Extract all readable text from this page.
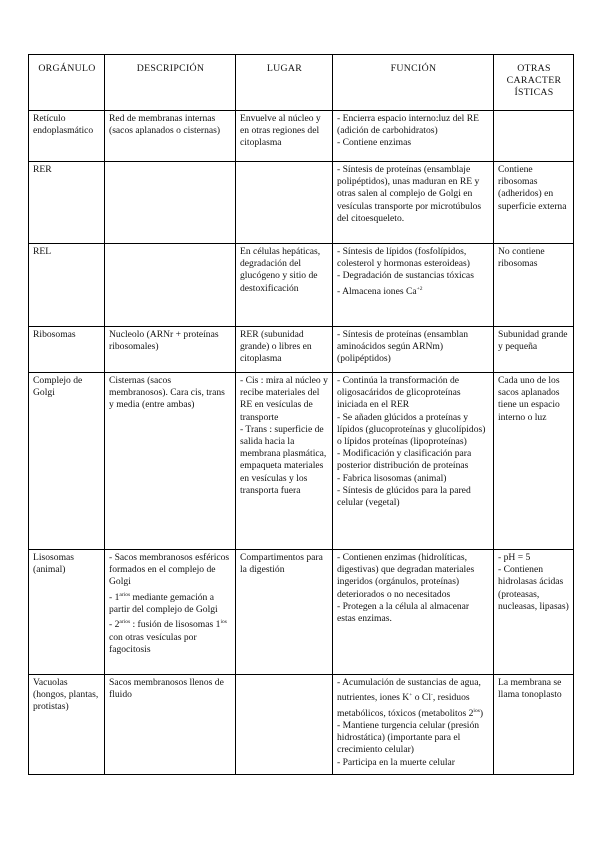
ORGÁNULO	DESCRIPCIÓN	LUGAR	FUNCIÓN	OTRAS
CARACTER
ÍSTICAS

Retículo endoplasmático	Red de membranas internas (sacos aplanados o cisternas)	Envuelve al núcleo y en otras regiones del citoplasma	- Encierra espacio interno:luz del RE (adición de carbohidratos)
- Contiene enzimas	

RER			- Síntesis de proteínas (ensamblaje polipéptidos), unas maduran en RE y otras salen al complejo de Golgi en vesículas transporte por microtúbulos del citoesqueleto.	Contiene ribosomas (adheridos) en superficie externa

REL		En células hepáticas, degradación del glucógeno y sitio de destoxificación	- Síntesis de lípidos (fosfolípidos, colesterol y hormonas esteroideas)
- Degradación de sustancias tóxicas
- Almacena iones $Ca^{+2}$	No contiene ribosomas

Ribosomas	Nucleolo (ARNr + proteínas ribosomales)	RER (subunidad grande) o libres en citoplasma	- Síntesis de proteínas (ensamblan aminoácidos según ARNm) (polipéptidos)	Subunidad grande y pequeña

Complejo de Golgi	Cisternas (sacos membranosos). Cara cis, trans y media (entre ambas)	- Cis : mira al núcleo y recibe materiales del RE en vesículas de transporte
- Trans : superficie de salida hacia la membrana plasmática, empaqueta materiales en vesículas y los transporta fuera	- Continúa la transformación de oligosacáridos de glicoproteínas iniciada en el RER
- Se añaden glúcidos a proteínas y lípidos (glucoproteínas y glucolípidos) o lípidos proteínas (lipoproteínas)
- Modificación y clasificación para posterior distribución de proteínas
- Fabrica lisosomas (animal)
- Síntesis de glúcidos para la pared celular (vegetal)	Cada uno de los sacos aplanados tiene un espacio interno o luz

Lisosomas (animal)	- Sacos membranosos esféricos formados en el complejo de Golgi
- $1^{arios}$ mediante gemación a partir del complejo de Golgi
- $2^{arios}$ : fusión de lisosomas $1^{ios}$ con otras vesículas por fagocitosis	Compartimentos para la digestión	- Contienen enzimas (hidrolíticas, digestivas) que degradan materiales ingeridos (orgánulos, proteínas) deteriorados o no necesitados
- Protegen a la célula al almacenar estas enzimas.	- pH = 5
- Contienen hidrolasas ácidas (proteasas, nucleasas, lipasas)

Vacuolas (hongos, plantas, protistas)	Sacos membranosos llenos de fluido		- Acumulación de sustancias de agua, nutrientes, iones K+ o Cl-, residuos metabólicos, tóxicos (metabolitos $2^{ios}$)
- Mantiene turgencia celular (presión hidrostática) (importante para el crecimiento celular)
- Participa en la muerte celular	La membrana se llama tonoplasto
